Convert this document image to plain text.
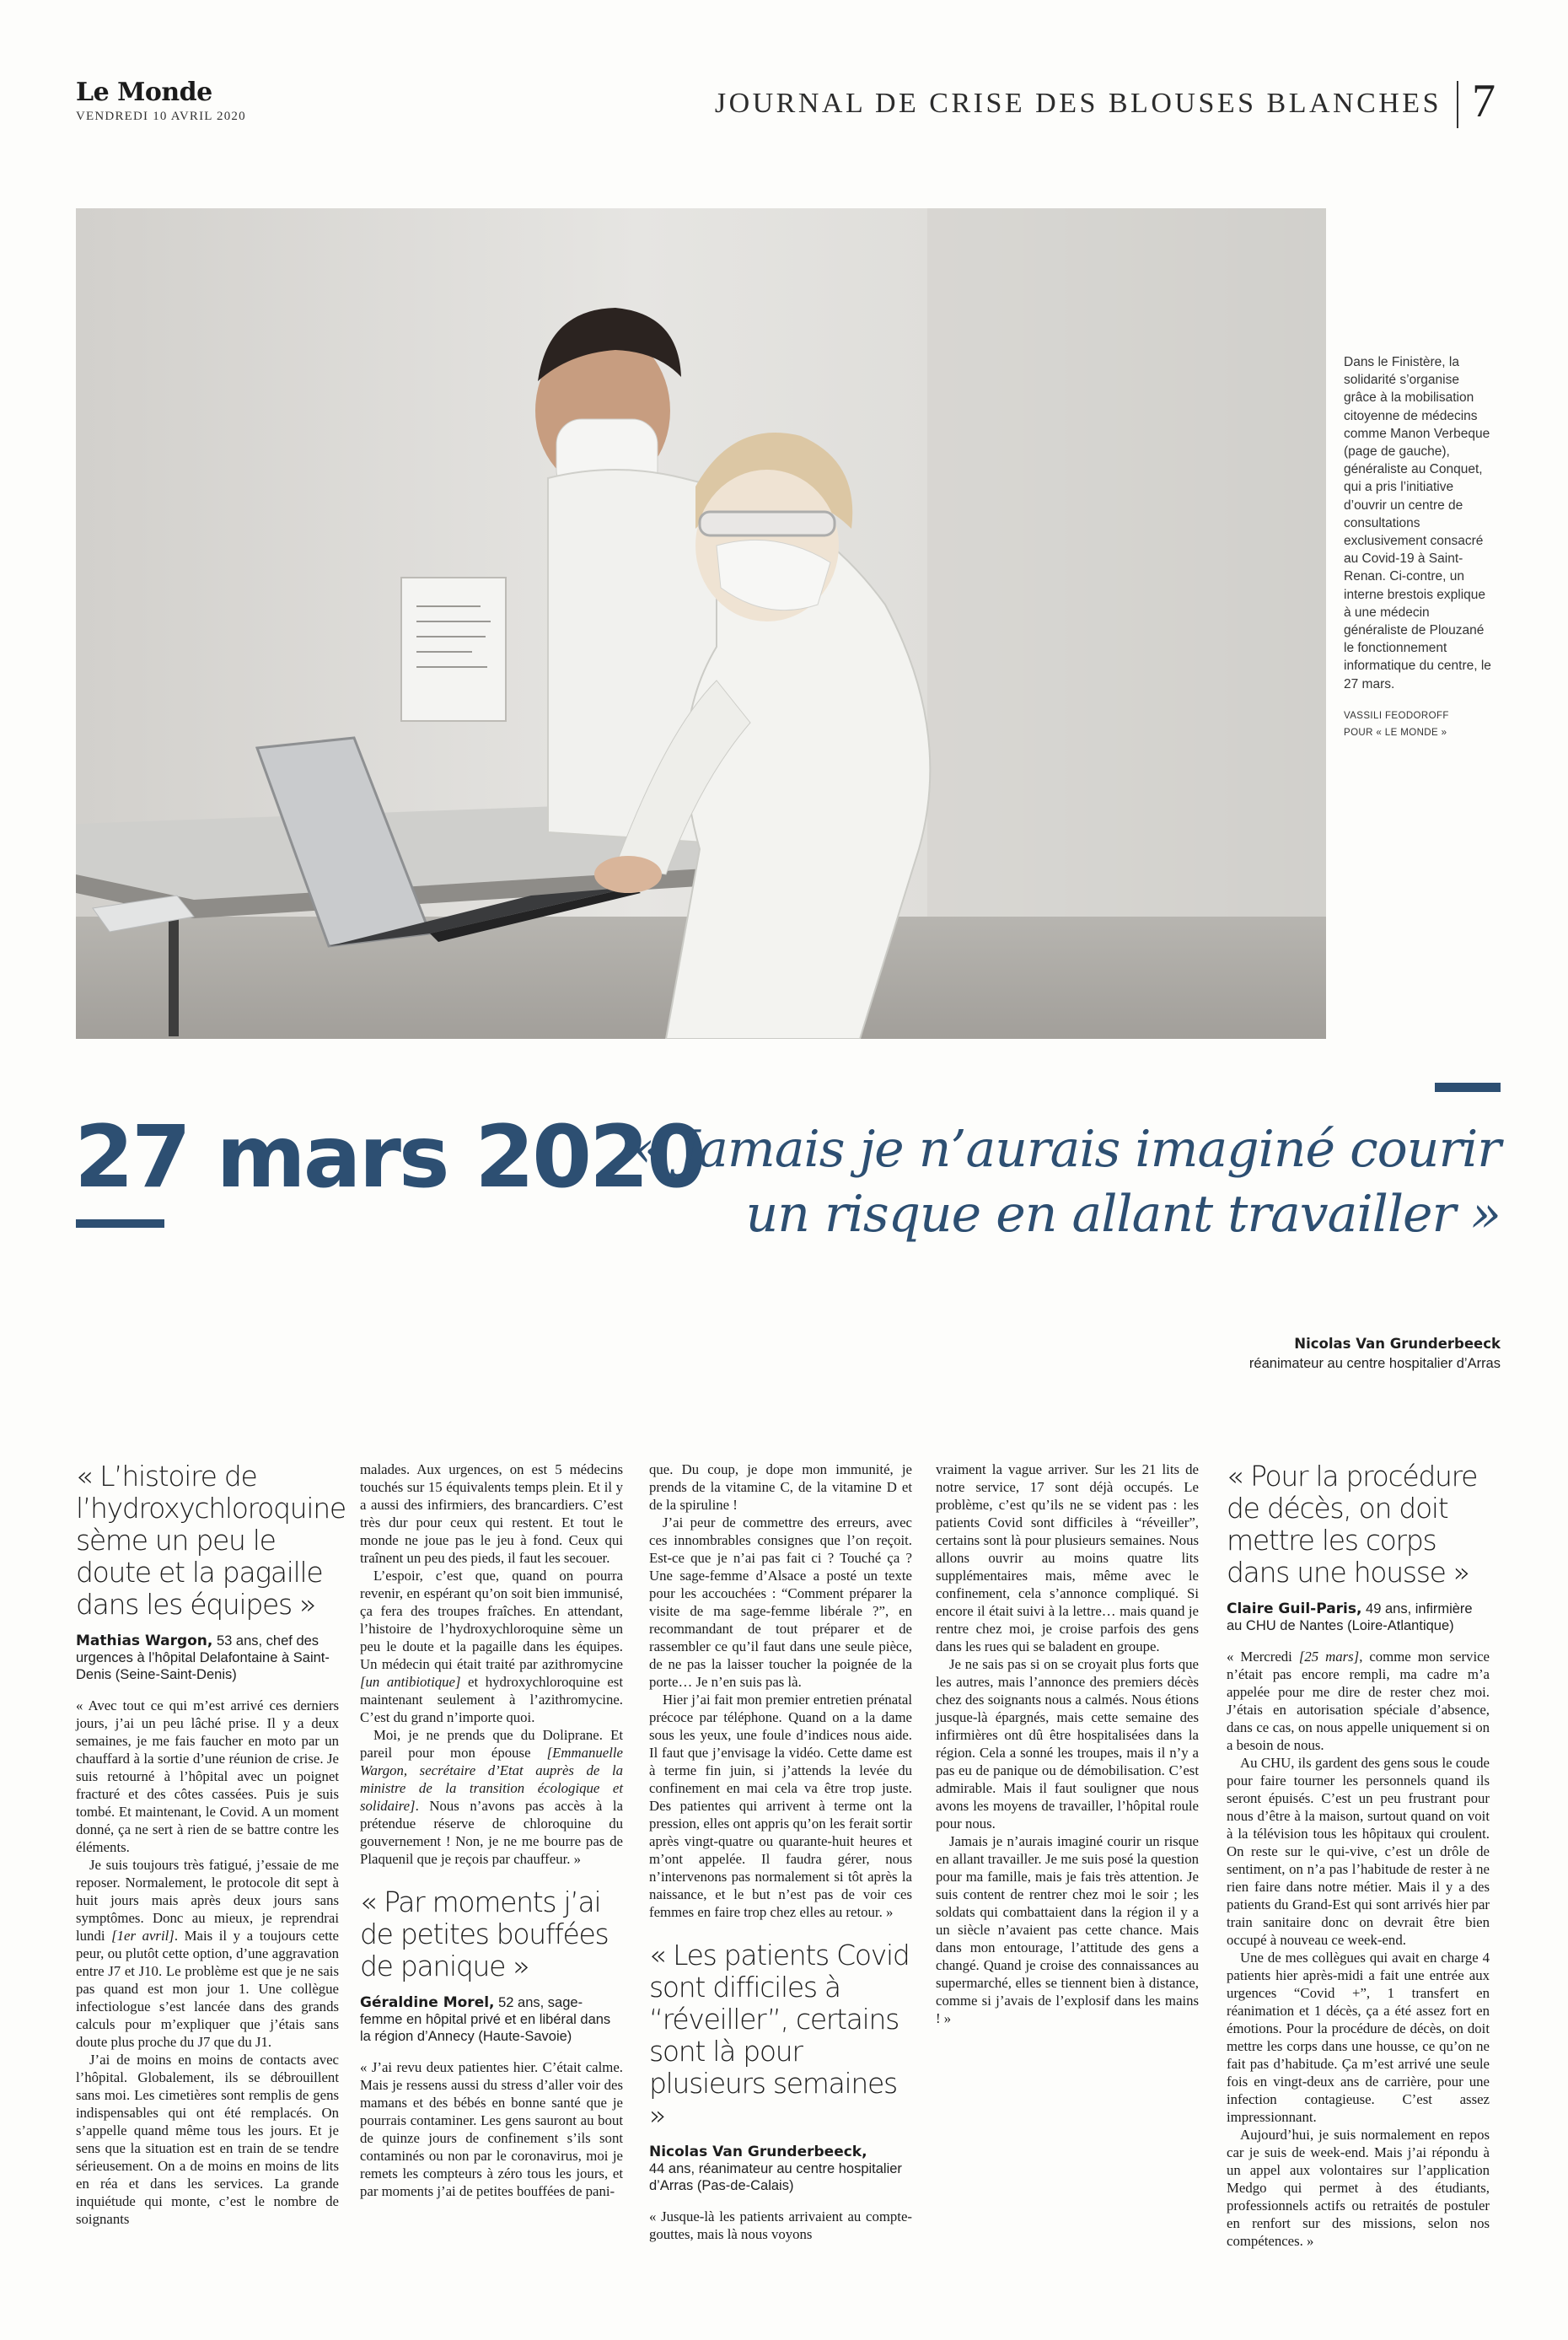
Le Monde
VENDREDI 10 AVRIL 2020	JOURNAL DE CRISE DES BLOUSES BLANCHES 7
Dans le Finistère, la solidarité s’organise grâce à la mobilisation citoyenne de médecins comme Manon Verbeque (page de gauche), généraliste au Conquet, qui a pris l’initiative d’ouvrir un centre de consultations exclusivement consacré au Covid-19 à Saint-Renan. Ci-contre, un interne brestois explique à une médecin généraliste de Plouzané le fonctionnement informatique du centre, le 27 mars.
VASSILI FEODOROFF
POUR « LE MONDE »
27 mars 2020
« Jamais je n’aurais imaginé courir un risque en allant travailler »
Nicolas Van Grunderbeeck
réanimateur au centre hospitalier d’Arras

« L’histoire de l’hydroxychloroquine sème un peu le doute et la pagaille dans les équipes »

Mathias Wargon, 53 ans, chef des urgences à l’hôpital Delafontaine à Saint-Denis (Seine-Saint-Denis)

« Avec tout ce qui m’est arrivé ces derniers jours, j’ai un peu lâché prise. Il y a deux semaines, je me fais faucher en moto par un chauffard à la sortie d’une réunion de crise. Je suis retourné à l’hôpital avec un poignet fracturé et des côtes cassées. Puis je suis tombé. Et maintenant, le Covid. A un moment donné, ça ne sert à rien de se battre contre les éléments.

Je suis toujours très fatigué, j’essaie de me reposer. Normalement, le protocole dit sept à huit jours mais après deux jours sans symptômes. Donc au mieux, je reprendrai lundi [1er avril]. Mais il y a toujours cette peur, ou plutôt cette option, d’une aggravation entre J7 et J10. Le problème est que je ne sais pas quand est mon jour 1. Une collègue infectiologue s’est lancée dans des grands calculs pour m’expliquer que j’étais sans doute plus proche du J7 que du J1.

J’ai de moins en moins de contacts avec l’hôpital. Globalement, ils se débrouillent sans moi. Les cimetières sont remplis de gens indispensables qui ont été remplacés. On s’appelle quand même tous les jours. Et je sens que la situation est en train de se tendre sérieusement. On a de moins en moins de lits en réa et dans les services. La grande inquiétude qui monte, c’est le nombre de soignants

malades. Aux urgences, on est 5 médecins touchés sur 15 équivalents temps plein. Et il y a aussi des infirmiers, des brancardiers. C’est très dur pour ceux qui restent. Et tout le monde ne joue pas le jeu à fond. Ceux qui traînent un peu des pieds, il faut les secouer.

L’espoir, c’est que, quand on pourra revenir, en espérant qu’on soit bien immunisé, ça fera des troupes fraîches. En attendant, l’histoire de l’hydroxychloroquine sème un peu le doute et la pagaille dans les équipes. Un médecin qui était traité par azithromycine [un antibiotique] et hydroxychloroquine est maintenant seulement à l’azithromycine. C’est du grand n’importe quoi.

Moi, je ne prends que du Doliprane. Et pareil pour mon épouse [Emmanuelle Wargon, secrétaire d’Etat auprès de la ministre de la transition écologique et solidaire]. Nous n’avons pas accès à la prétendue réserve de chloroquine du gouvernement ! Non, je ne me bourre pas de Plaquenil que je reçois par chauffeur. »

« Par moments j’ai de petites bouffées de panique »

Géraldine Morel, 52 ans, sage-femme en hôpital privé et en libéral dans la région d’Annecy (Haute-Savoie)

« J’ai revu deux patientes hier. C’était calme. Mais je ressens aussi du stress d’aller voir des mamans et des bébés en bonne santé que je pourrais contaminer. Les gens sauront au bout de quinze jours de confinement s’ils sont contaminés ou non par le coronavirus, moi je remets les compteurs à zéro tous les jours, et par moments j’ai de petites bouffées de pani-

que. Du coup, je dope mon immunité, je prends de la vitamine C, de la vitamine D et de la spiruline !

J’ai peur de commettre des erreurs, avec ces innombrables consignes que l’on reçoit. Est-ce que je n’ai pas fait ci ? Touché ça ? Une sage-femme d’Alsace a posté un texte pour les accouchées : “Comment préparer la visite de ma sage-femme libérale ?”, en recommandant de tout préparer et de rassembler ce qu’il faut dans une seule pièce, de ne pas la laisser toucher la poignée de la porte… Je n’en suis pas là.

Hier j’ai fait mon premier entretien prénatal précoce par téléphone. Quand on a la dame sous les yeux, une foule d’indices nous aide. Il faut que j’envisage la vidéo. Cette dame est à terme fin juin, si j’attends la levée du confinement en mai cela va être trop juste. Des patientes qui arrivent à terme ont la pression, elles ont appris qu’on les ferait sortir après vingt-quatre ou quarante-huit heures et m’ont appelée. Il faudra gérer, nous n’intervenons pas normalement si tôt après la naissance, et le but n’est pas de voir ces femmes en faire trop chez elles au retour. »

« Les patients Covid sont difficiles à “réveiller”, certains sont là pour plusieurs semaines »

Nicolas Van Grunderbeeck,
44 ans, réanimateur au centre hospitalier d’Arras (Pas-de-Calais)

« Jusque-là les patients arrivaient au compte-gouttes, mais là nous voyons

vraiment la vague arriver. Sur les 21 lits de notre service, 17 sont déjà occupés. Le problème, c’est qu’ils ne se vident pas : les patients Covid sont difficiles à “réveiller”, certains sont là pour plusieurs semaines. Nous allons ouvrir au moins quatre lits supplémentaires mais, même avec le confinement, cela s’annonce compliqué. Si encore il était suivi à la lettre… mais quand je rentre chez moi, je croise parfois des gens dans les rues qui se baladent en groupe.

Je ne sais pas si on se croyait plus forts que les autres, mais l’annonce des premiers décès chez des soignants nous a calmés. Nous étions jusque-là épargnés, mais cette semaine des infirmières ont dû être hospitalisées dans la région. Cela a sonné les troupes, mais il n’y a pas eu de panique ou de démobilisation. C’est admirable. Mais il faut souligner que nous avons les moyens de travailler, l’hôpital roule pour nous.

Jamais je n’aurais imaginé courir un risque en allant travailler. Je me suis posé la question pour ma famille, mais je fais très attention. Je suis content de rentrer chez moi le soir ; les soldats qui combattaient dans la région il y a un siècle n’avaient pas cette chance. Mais dans mon entourage, l’attitude des gens a changé. Quand je croise des connaissances au supermarché, elles se tiennent bien à distance, comme si j’avais de l’explosif dans les mains ! »

« Pour la procédure de décès, on doit mettre les corps dans une housse »

Claire Guil-Paris, 49 ans, infirmière au CHU de Nantes (Loire-Atlantique)

« Mercredi [25 mars], comme mon service n’était pas encore rempli, ma cadre m’a appelée pour me dire de rester chez moi. J’étais en autorisation spéciale d’absence, dans ce cas, on nous appelle uniquement si on a besoin de nous.

Au CHU, ils gardent des gens sous le coude pour faire tourner les personnels quand ils seront épuisés. C’est un peu frustrant pour nous d’être à la maison, surtout quand on voit à la télévision tous les hôpitaux qui croulent. On reste sur le qui-vive, c’est un drôle de sentiment, on n’a pas l’habitude de rester à ne rien faire dans notre métier. Mais il y a des patients du Grand-Est qui sont arrivés hier par train sanitaire donc on devrait être bien occupé à nouveau ce week-end.

Une de mes collègues qui avait en charge 4 patients hier après-midi a fait une entrée aux urgences “Covid +”, 1 transfert en réanimation et 1 décès, ça a été assez fort en émotions. Pour la procédure de décès, on doit mettre les corps dans une housse, ce qu’on ne fait pas d’habitude. Ça m’est arrivé une seule fois en vingt-deux ans de carrière, pour une infection contagieuse. C’est assez impressionnant.

Aujourd’hui, je suis normalement en repos car je suis de week-end. Mais j’ai répondu à un appel aux volontaires sur l’application Medgo qui permet à des étudiants, professionnels actifs ou retraités de postuler en renfort sur des missions, selon nos compétences. »
